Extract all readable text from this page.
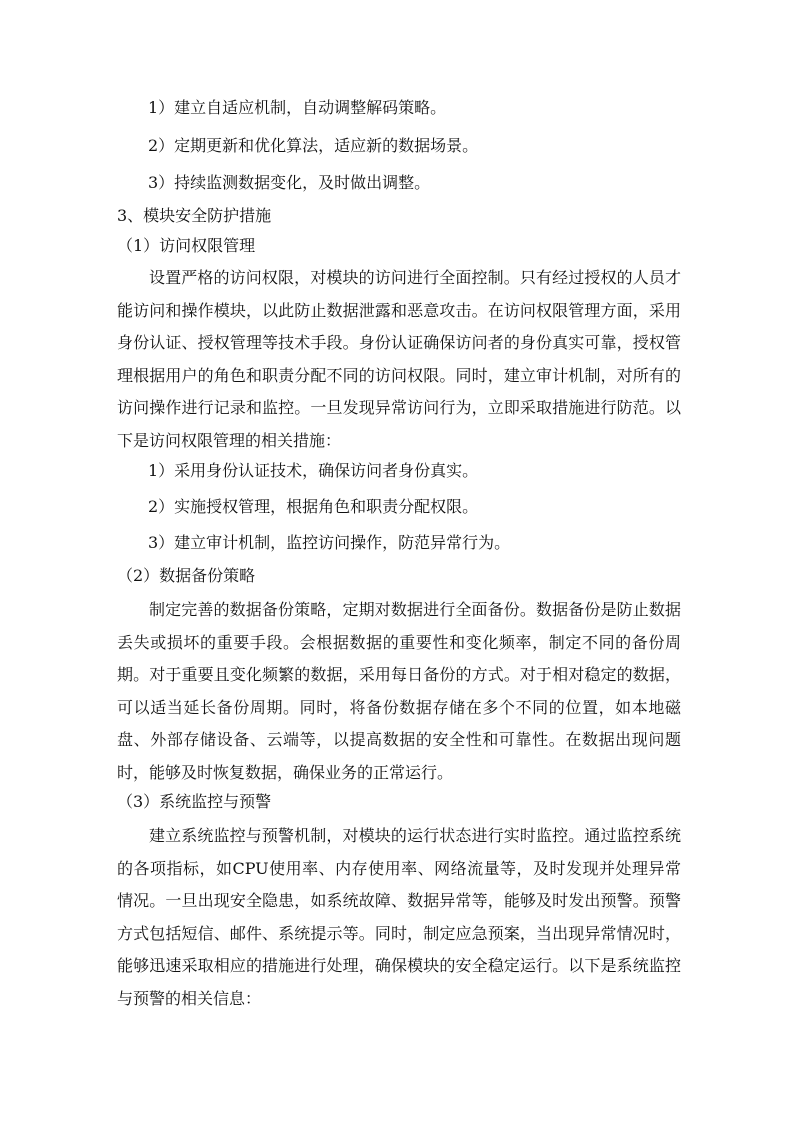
1）建立自适应机制，自动调整解码策略。
2）定期更新和优化算法，适应新的数据场景。
3）持续监测数据变化，及时做出调整。
3、模块安全防护措施
（1）访问权限管理
设置严格的访问权限，对模块的访问进行全面控制。只有经过授权的人员才能访问和操作模块，以此防止数据泄露和恶意攻击。在访问权限管理方面，采用身份认证、授权管理等技术手段。身份认证确保访问者的身份真实可靠，授权管理根据用户的角色和职责分配不同的访问权限。同时，建立审计机制，对所有的访问操作进行记录和监控。一旦发现异常访问行为，立即采取措施进行防范。以下是访问权限管理的相关措施：
1）采用身份认证技术，确保访问者身份真实。
2）实施授权管理，根据角色和职责分配权限。
3）建立审计机制，监控访问操作，防范异常行为。
（2）数据备份策略
制定完善的数据备份策略，定期对数据进行全面备份。数据备份是防止数据丢失或损坏的重要手段。会根据数据的重要性和变化频率，制定不同的备份周期。对于重要且变化频繁的数据，采用每日备份的方式。对于相对稳定的数据，可以适当延长备份周期。同时，将备份数据存储在多个不同的位置，如本地磁盘、外部存储设备、云端等，以提高数据的安全性和可靠性。在数据出现问题时，能够及时恢复数据，确保业务的正常运行。
（3）系统监控与预警
建立系统监控与预警机制，对模块的运行状态进行实时监控。通过监控系统的各项指标，如CPU使用率、内存使用率、网络流量等，及时发现并处理异常情况。一旦出现安全隐患，如系统故障、数据异常等，能够及时发出预警。预警方式包括短信、邮件、系统提示等。同时，制定应急预案，当出现异常情况时，能够迅速采取相应的措施进行处理，确保模块的安全稳定运行。以下是系统监控与预警的相关信息：
